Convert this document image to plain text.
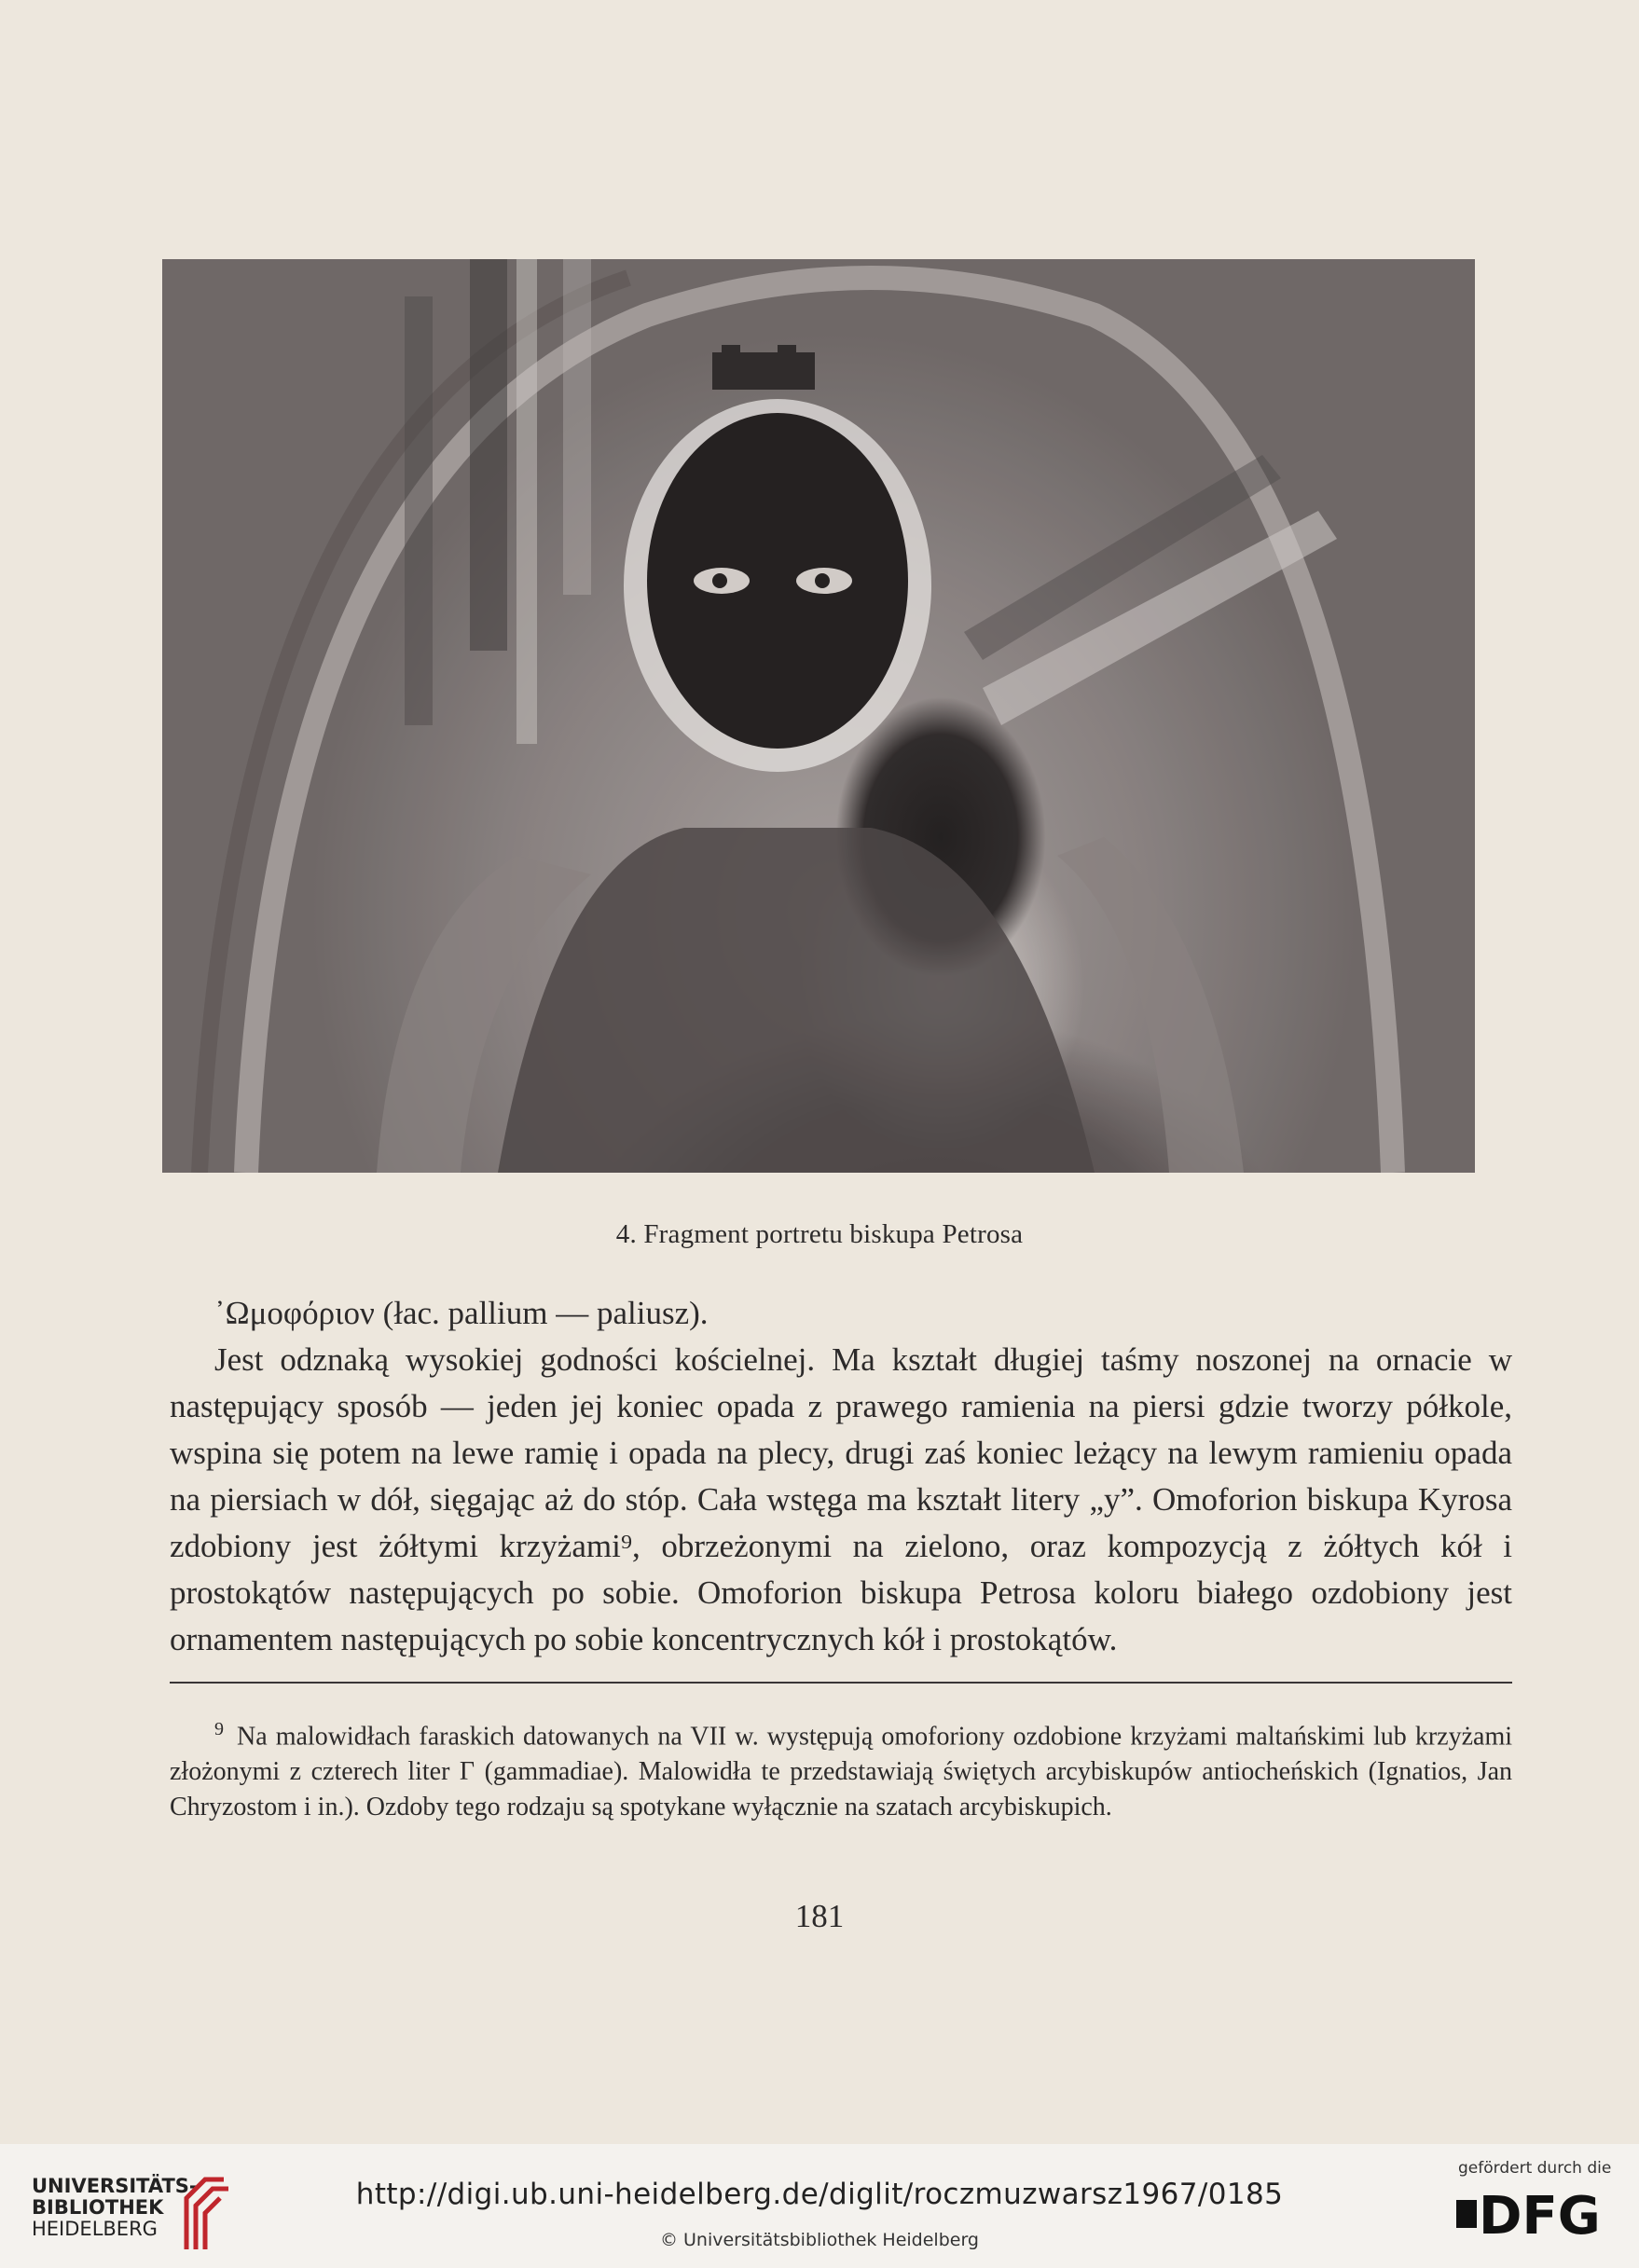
4. Fragment portretu biskupa Petrosa

᾿Ωμοφόριον (łac. pallium — paliusz).

Jest odznaką wysokiej godności kościelnej. Ma kształt długiej taśmy noszonej na ornacie w następujący sposób — jeden jej koniec opada z prawego ramienia na piersi gdzie tworzy półkole, wspina się potem na lewe ramię i opada na plecy, drugi zaś koniec leżący na lewym ramieniu opada na piersiach w dół, sięgając aż do stóp. Cała wstęga ma kształt litery „y”. Omoforion biskupa Kyrosa zdobiony jest żółtymi krzyżami⁹, obrzeżonymi na zielono, oraz kompozycją z żółtych kół i prostokątów następujących po sobie. Omoforion biskupa Petrosa koloru białego ozdobiony jest ornamentem następujących po sobie koncentrycznych kół i prostokątów.

$^9$ Na malowidłach faraskich datowanych na VII w. występują omoforiony ozdobione krzyżami maltańskimi lub krzyżami złożonymi z czterech liter Γ (gammadiae). Malowidła te przedstawiają świętych arcybiskupów antiocheńskich (Ignatios, Jan Chryzostom i in.). Ozdoby tego rodzaju są spotykane wyłącznie na szatach arcybiskupich.
181
UNIVERSITÄTS-
BIBLIOTHEK
HEIDELBERG
http://digi.ub.uni-heidelberg.de/diglit/roczmuzwarsz1967/0185
© Universitätsbibliothek Heidelberg
gefördert durch die
DFG
